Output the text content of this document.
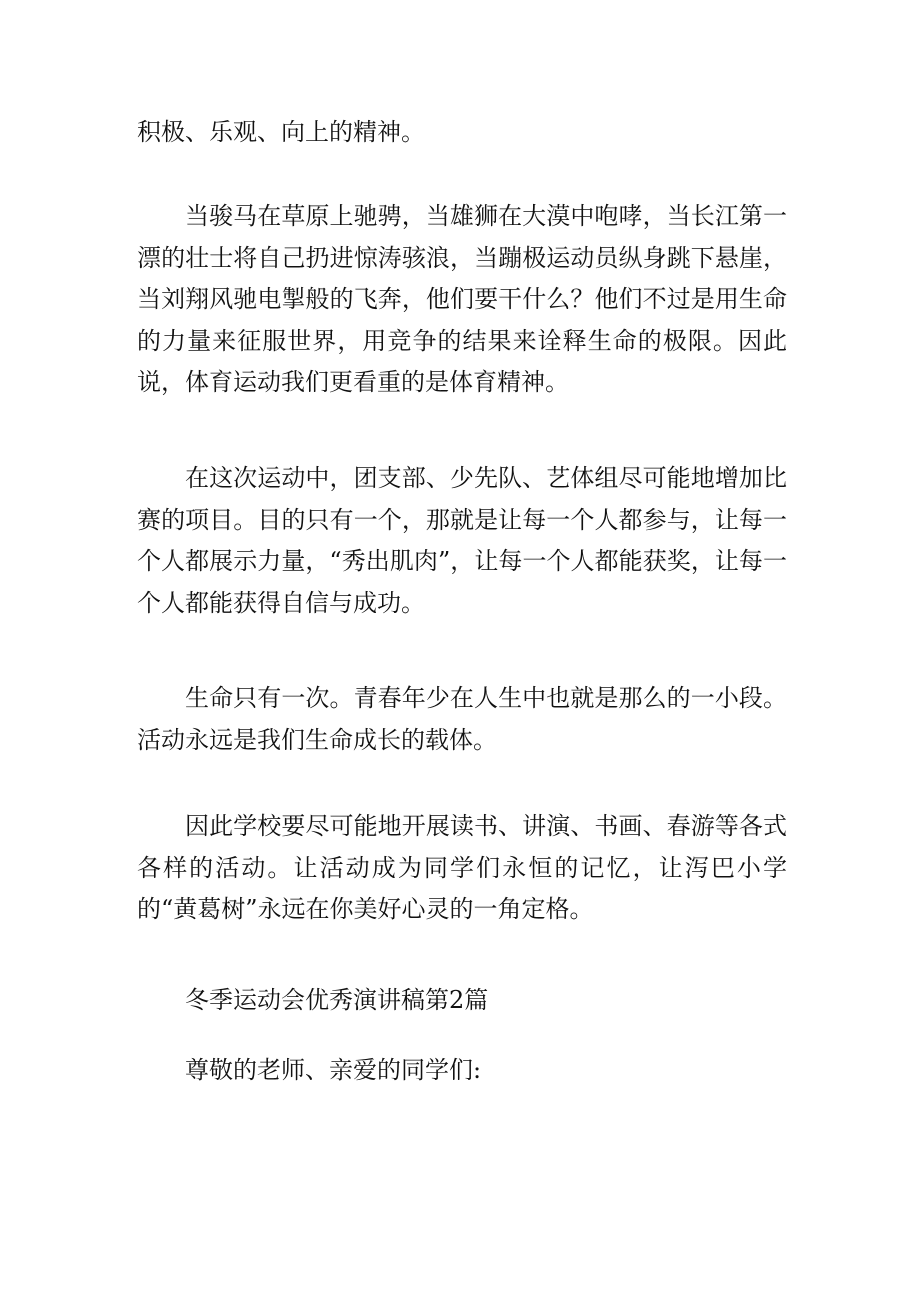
积极、乐观、向上的精神。

当骏马在草原上驰骋，当雄狮在大漠中咆哮，当长江第一漂的壮士将自己扔进惊涛骇浪，当蹦极运动员纵身跳下悬崖，当刘翔风驰电掣般的飞奔，他们要干什么？他们不过是用生命的力量来征服世界，用竞争的结果来诠释生命的极限。因此说，体育运动我们更看重的是体育精神。

在这次运动中，团支部、少先队、艺体组尽可能地增加比赛的项目。目的只有一个，那就是让每一个人都参与，让每一个人都展示力量，“秀出肌肉”，让每一个人都能获奖，让每一个人都能获得自信与成功。

生命只有一次。青春年少在人生中也就是那么的一小段。活动永远是我们生命成长的载体。

因此学校要尽可能地开展读书、讲演、书画、春游等各式各样的活动。让活动成为同学们永恒的记忆，让泻巴小学的“黄葛树”永远在你美好心灵的一角定格。

冬季运动会优秀演讲稿第2篇

尊敬的老师、亲爱的同学们:
